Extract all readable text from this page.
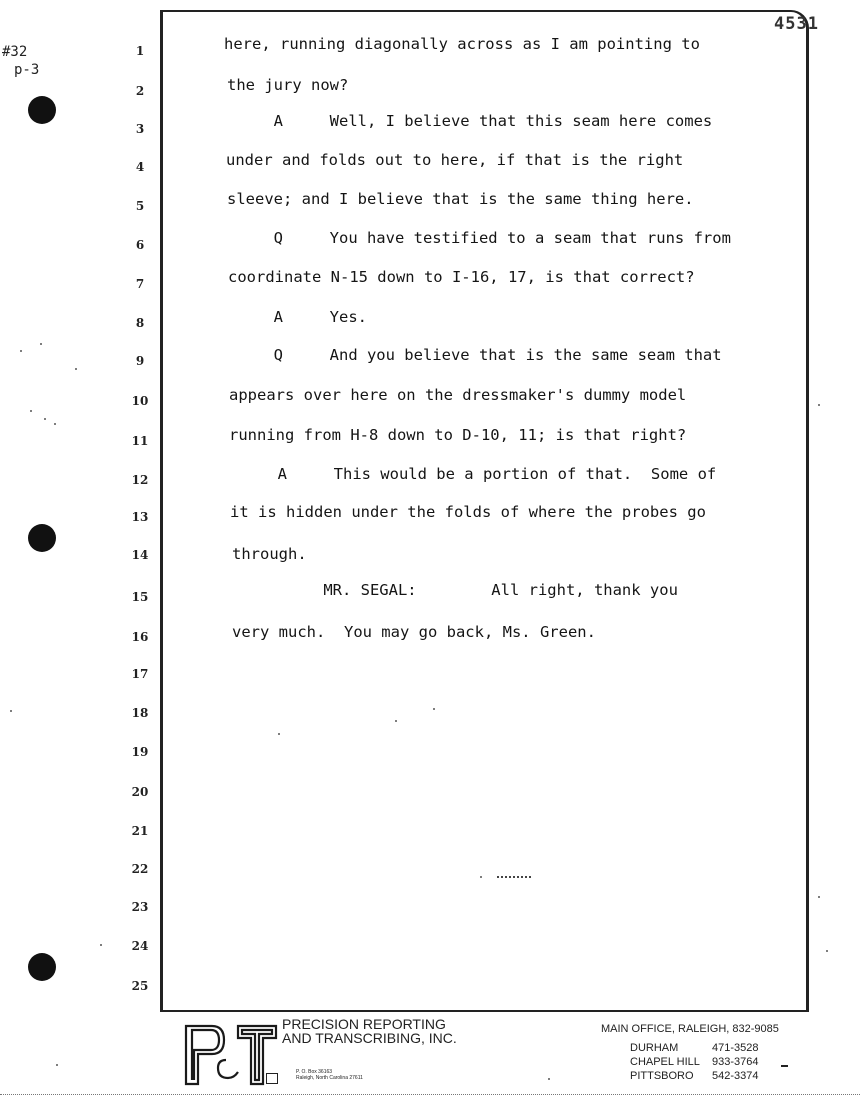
#32
p-3
4531
1
2
3
4
5
6
7
8
9
10
11
12
13
14
15
16
17
18
19
20
21
22
23
24
25
here, running diagonally across as I am pointing to
the jury now?
A     Well, I believe that this seam here comes
under and folds out to here, if that is the right
sleeve; and I believe that is the same thing here.
Q     You have testified to a seam that runs from
coordinate N-15 down to I-16, 17, is that correct?
A     Yes.
Q     And you believe that is the same seam that
appears over here on the dressmaker's dummy model
running from H-8 down to D-10, 11; is that right?
A     This would be a portion of that.  Some of
it is hidden under the folds of where the probes go
through.
MR. SEGAL:        All right, thank you
very much.  You may go back, Ms. Green.
P&T
PRECISION REPORTING
AND TRANSCRIBING, INC.
P. O. Box 36163
Raleigh, North Carolina 27611
MAIN OFFICE, RALEIGH, 832-9085
DURHAM	471-3528
CHAPEL HILL 933-3764
PITTSBORO 542-3374
